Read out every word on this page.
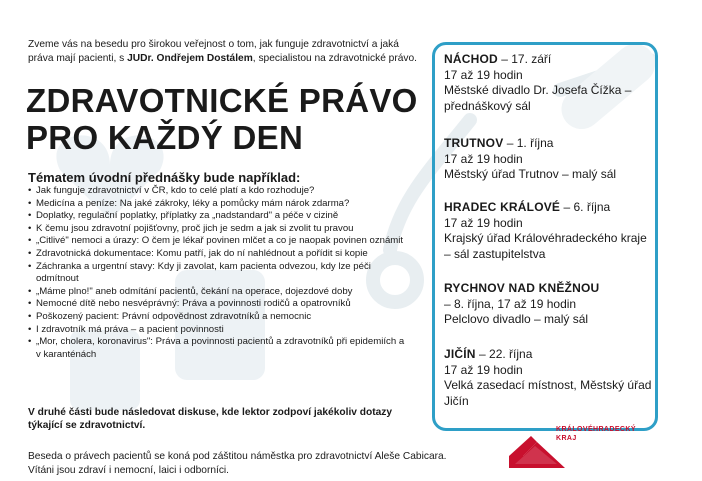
Zveme vás na besedu pro širokou veřejnost o tom, jak funguje zdravotnictví a jaká práva mají pacienti, s JUDr. Ondřejem Dostálem, specialistou na zdravotnické právo.
ZDRAVOTNICKÉ PRÁVO
PRO KAŽDÝ DEN
Tématem úvodní přednášky bude například:
• Jak funguje zdravotnictví v ČR, kdo to celé platí a kdo rozhoduje?
• Medicína a peníze: Na jaké zákroky, léky a pomůcky mám nárok zdarma?
• Doplatky, regulační poplatky, příplatky za „nadstandard" a péče v cizině
• K čemu jsou zdravotní pojišťovny, proč jich je sedm a jak si zvolit tu pravou
• „Citlivé" nemoci a úrazy: O čem je lékař povinen mlčet a co je naopak povinen oznámit
• Zdravotnická dokumentace: Komu patří, jak do ní nahlédnout a pořídit si kopie
• Záchranka a urgentní stavy: Kdy ji zavolat, kam pacienta odvezou, kdy lze péči odmítnout
• „Máme plno!" aneb odmítání pacientů, čekání na operace, dojezdové doby
• Nemocné dítě nebo nesvéprávný: Práva a povinnosti rodičů a opatrovníků
• Poškozený pacient: Právní odpovědnost zdravotníků a nemocnic
• I zdravotník má práva – a pacient povinnosti
• „Mor, cholera, koronavirus": Práva a povinnosti pacientů a zdravotníků při epidemiích a v karanténách
V druhé části bude následovat diskuse, kde lektor zodpoví jakékoliv dotazy týkající se zdravotnictví.
Beseda o právech pacientů se koná pod záštitou náměstka pro zdravotnictví Aleše Cabicara.
Vítáni jsou zdraví i nemocní, laici i odborníci.
NÁCHOD – 17. září
17 až 19 hodin
Městské divadlo Dr. Josefa Čížka – přednáškový sál
TRUTNOV – 1. října
17 až 19 hodin
Městský úřad Trutnov – malý sál
HRADEC KRÁLOVÉ – 6. října
17 až 19 hodin
Krajský úřad Královéhradeckého kraje – sál zastupitelstva
RYCHNOV NAD KNĚŽNOU
– 8. října, 17 až 19 hodin
Pelclovo divadlo – malý sál
JIČÍN – 22. října
17 až 19 hodin
Velká zasedací místnost, Městský úřad Jičín
KRÁLOVÉHRADECKÝ
KRAJ
